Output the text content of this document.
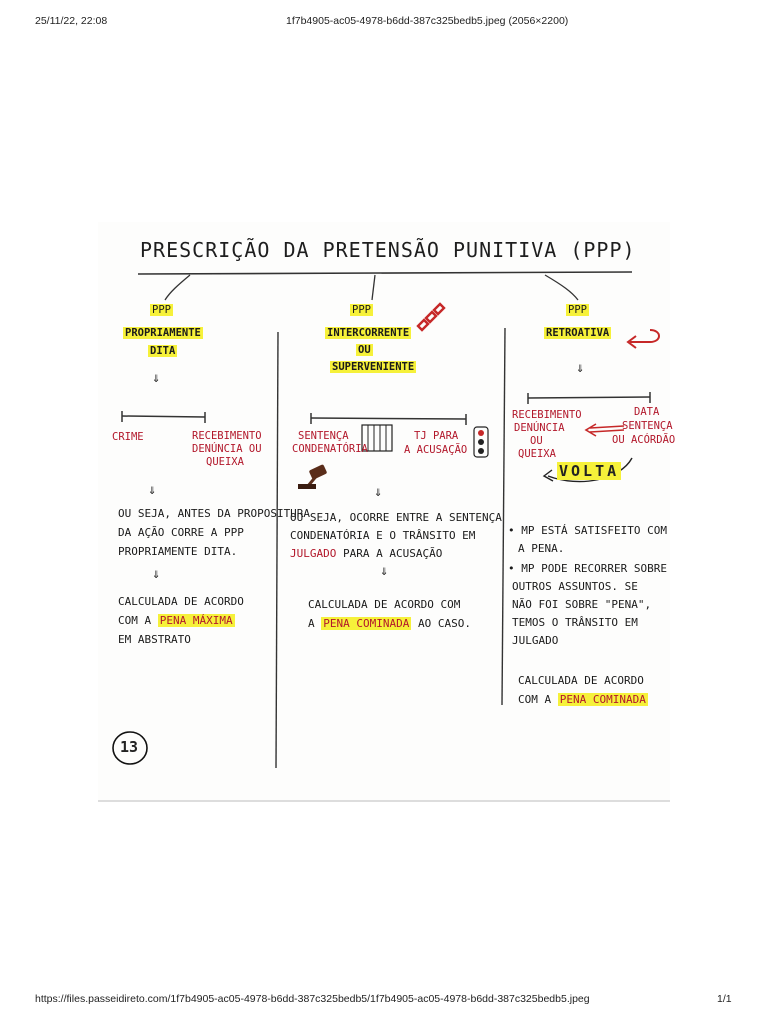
25/11/22, 22:08	1f7b4905-ac05-4978-b6dd-387c325bedb5.jpeg (2056×2200)
https://files.passeidireto.com/1f7b4905-ac05-4978-b6dd-387c325bedb5/1f7b4905-ac05-4978-b6dd-387c325bedb5.jpeg	1/1
PRESCRIÇÃO DA PRETENSÃO PUNITIVA (PPP)
PPP
PROPRIAMENTE
DITA
⇓
CRIME	RECEBIMENTO
DENÚNCIA OU
QUEIXA
⇓
OU SEJA, ANTES DA PROPOSITURA
DA AÇÃO CORRE A PPP
PROPRIAMENTE DITA.
⇓
CALCULADA DE ACORDO
COM A PENA MÁXIMA
EM ABSTRATO
PPP
INTERCORRENTE
OU
SUPERVENIENTE
SENTENÇA
CONDENATÓRIA
TJ PARA
A ACUSAÇÃO
⇓
OU SEJA, OCORRE ENTRE A SENTENÇA
CONDENATÓRIA E O TRÂNSITO EM
JULGADO PARA A ACUSAÇÃO
⇓
CALCULADA DE ACORDO COM
A PENA COMINADA AO CASO.
PPP
RETROATIVA
⇓
RECEBIMENTO
DENÚNCIA
OU
QUEIXA
DATA
SENTENÇA
OU ACÓRDÃO
VOLTA
• MP ESTÁ SATISFEITO COM
A PENA.
• MP PODE RECORRER SOBRE
OUTROS ASSUNTOS. SE
NÃO FOI SOBRE "PENA",
TEMOS O TRÂNSITO EM
JULGADO
CALCULADA DE ACORDO
COM A PENA COMINADA
13
